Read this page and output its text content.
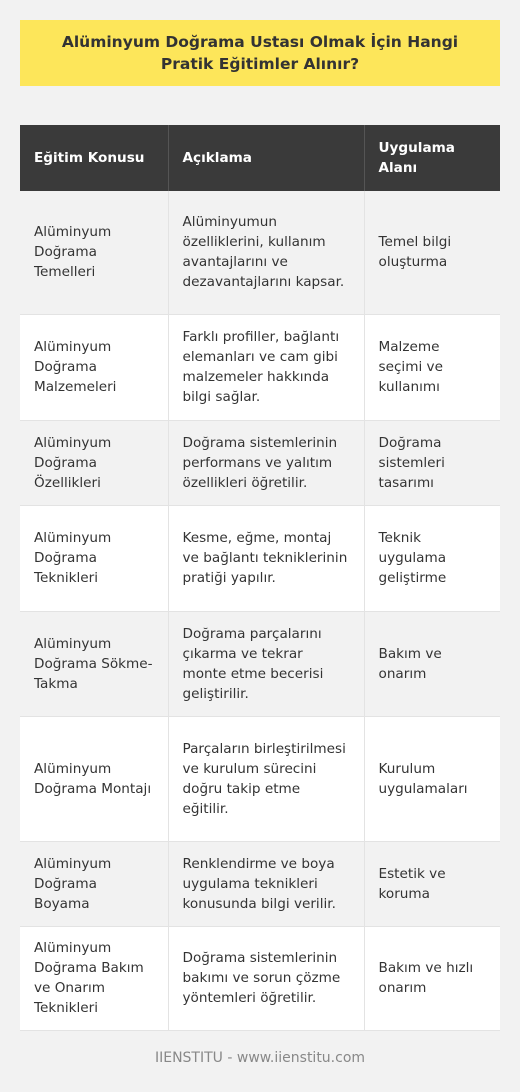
Alüminyum Doğrama Ustası Olmak İçin Hangi Pratik Eğitimler Alınır?
Eğitim Konusu	Açıklama	Uygulama Alanı
Alüminyum Doğrama Temelleri	Alüminyumun özelliklerini, kullanım avantajlarını ve dezavantajlarını kapsar.	Temel bilgi oluşturma
Alüminyum Doğrama Malzemeleri	Farklı profiller, bağlantı elemanları ve cam gibi malzemeler hakkında bilgi sağlar.	Malzeme seçimi ve kullanımı
Alüminyum Doğrama Özellikleri	Doğrama sistemlerinin performans ve yalıtım özellikleri öğretilir.	Doğrama sistemleri tasarımı
Alüminyum Doğrama Teknikleri	Kesme, eğme, montaj ve bağlantı tekniklerinin pratiği yapılır.	Teknik uygulama geliştirme
Alüminyum Doğrama Sökme-Takma	Doğrama parçalarını çıkarma ve tekrar monte etme becerisi geliştirilir.	Bakım ve onarım
Alüminyum Doğrama Montajı	Parçaların birleştirilmesi ve kurulum sürecini doğru takip etme eğitilir.	Kurulum uygulamaları
Alüminyum Doğrama Boyama	Renklendirme ve boya uygulama teknikleri konusunda bilgi verilir.	Estetik ve koruma
Alüminyum Doğrama Bakım ve Onarım Teknikleri	Doğrama sistemlerinin bakımı ve sorun çözme yöntemleri öğretilir.	Bakım ve hızlı onarım
IIENSTITU - www.iienstitu.com
